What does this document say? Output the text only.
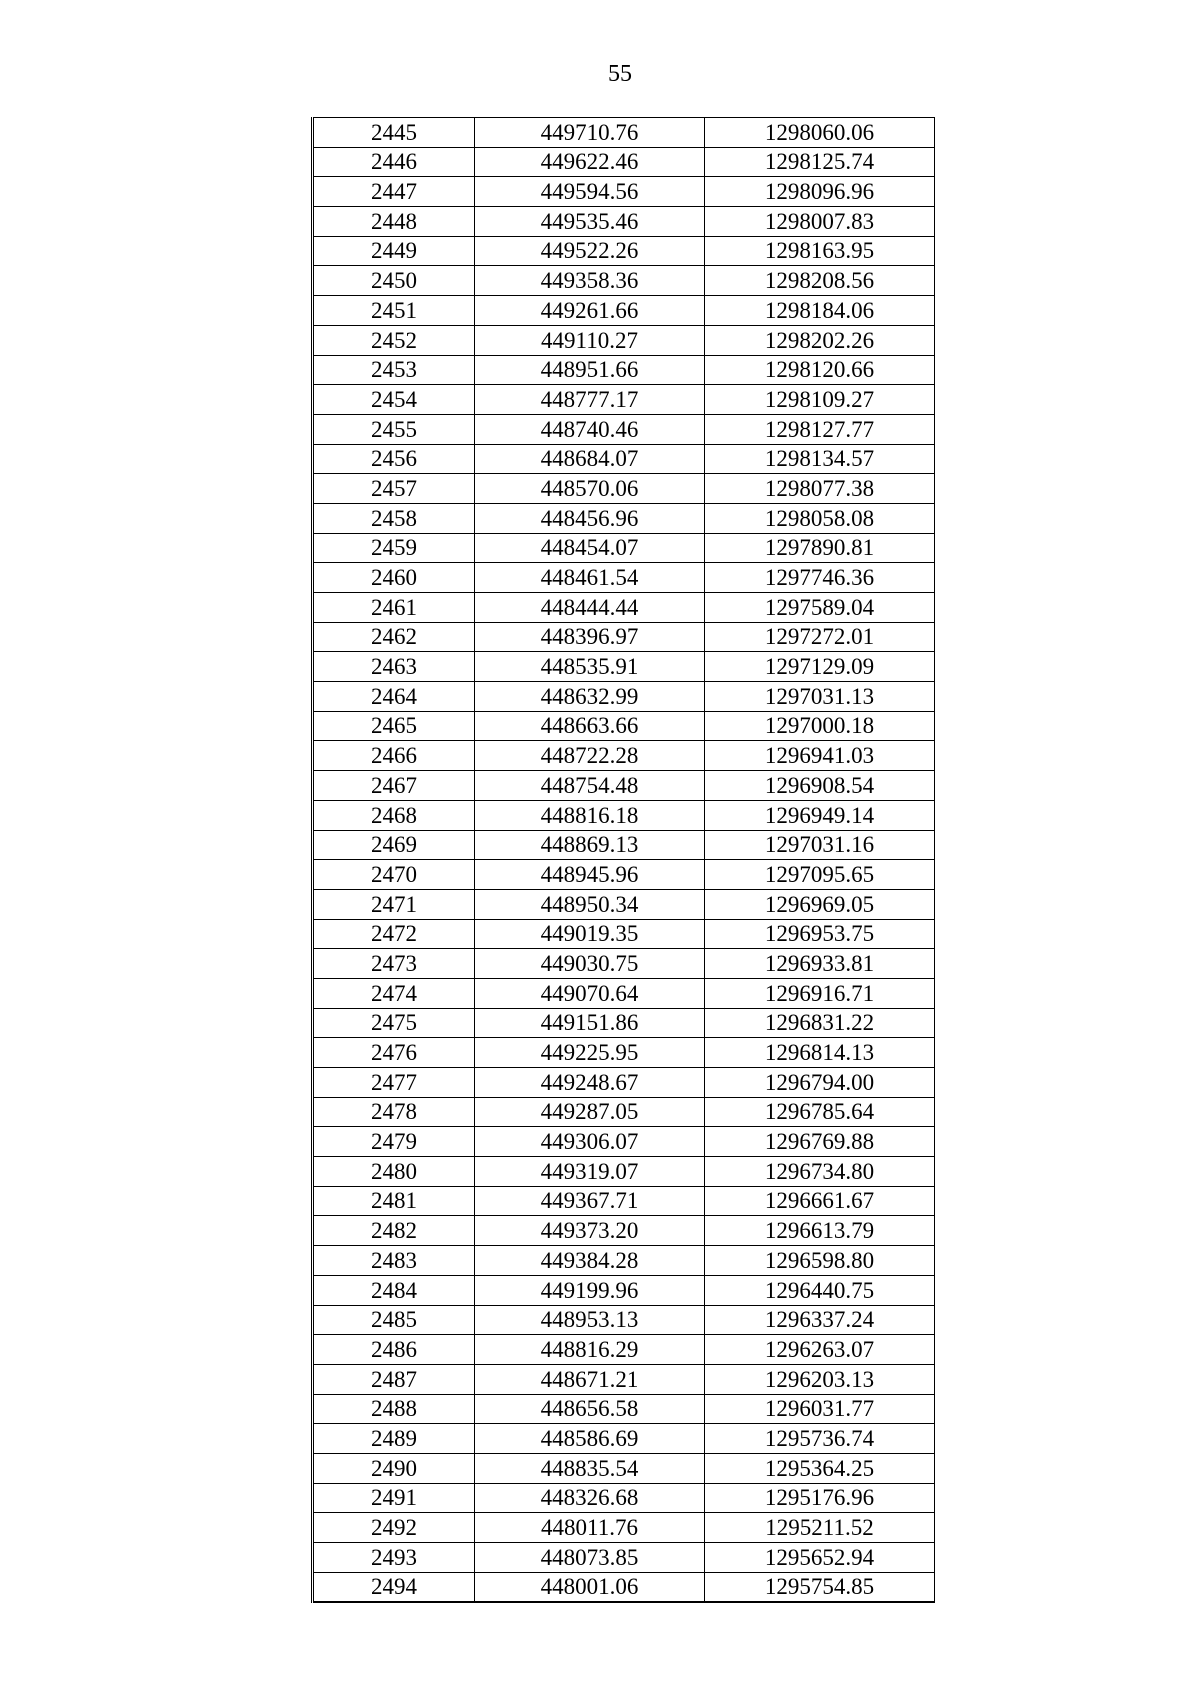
55
2445	449710.76	1298060.06
2446	449622.46	1298125.74
2447	449594.56	1298096.96
2448	449535.46	1298007.83
2449	449522.26	1298163.95
2450	449358.36	1298208.56
2451	449261.66	1298184.06
2452	449110.27	1298202.26
2453	448951.66	1298120.66
2454	448777.17	1298109.27
2455	448740.46	1298127.77
2456	448684.07	1298134.57
2457	448570.06	1298077.38
2458	448456.96	1298058.08
2459	448454.07	1297890.81
2460	448461.54	1297746.36
2461	448444.44	1297589.04
2462	448396.97	1297272.01
2463	448535.91	1297129.09
2464	448632.99	1297031.13
2465	448663.66	1297000.18
2466	448722.28	1296941.03
2467	448754.48	1296908.54
2468	448816.18	1296949.14
2469	448869.13	1297031.16
2470	448945.96	1297095.65
2471	448950.34	1296969.05
2472	449019.35	1296953.75
2473	449030.75	1296933.81
2474	449070.64	1296916.71
2475	449151.86	1296831.22
2476	449225.95	1296814.13
2477	449248.67	1296794.00
2478	449287.05	1296785.64
2479	449306.07	1296769.88
2480	449319.07	1296734.80
2481	449367.71	1296661.67
2482	449373.20	1296613.79
2483	449384.28	1296598.80
2484	449199.96	1296440.75
2485	448953.13	1296337.24
2486	448816.29	1296263.07
2487	448671.21	1296203.13
2488	448656.58	1296031.77
2489	448586.69	1295736.74
2490	448835.54	1295364.25
2491	448326.68	1295176.96
2492	448011.76	1295211.52
2493	448073.85	1295652.94
2494	448001.06	1295754.85
